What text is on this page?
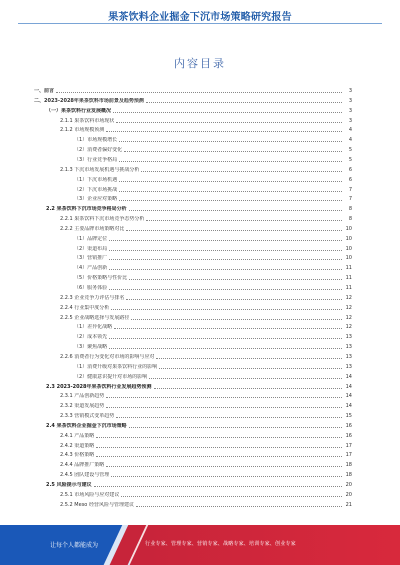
果茶饮料企业掘金下沉市场策略研究报告
内容目录
一、前言	3
二、2023-2028年果茶饮料市场前景及趋势预测	3
（一）果茶饮料行业发展概况	3
2.1.1 果茶饮料市场现状	3
2.1.2 市场规模预测	4
（1）市场规模增长	4
（2）消费者偏好变化	5
（3）行业竞争格局	5
2.1.3 下沉市场发展机遇与挑战分析	6
（1）下沉市场机遇	6
（2）下沉市场挑战	7
（3）企业应对策略	7
2.2 果茶饮料下沉市场竞争格局分析	8
2.2.1 果茶饮料下沉市场竞争态势分析	8
2.2.2 主要品牌市场策略对比	10
（1）品牌定位	10
（2）渠道布局	10
（3）营销推广	10
（4）产品创新	11
（5）价格策略与性价比	11
（6）服务体验	11
2.2.3 企业竞争力评估与排名	12
2.2.4 行业集中度分析	12
2.2.5 企业战略选择与发展路径	12
（1）差异化战略	12
（2）成本领先	13
（3）聚焦战略	13
2.2.6 消费者行为变化对市场的影响与应对	13
（1）消费升级对果茶饮料行业的影响	13
（2）健康意识提升对市场的影响	14
2.3 2023-2028年果茶饮料行业发展趋势预测	14
2.3.1 产品创新趋势	14
2.3.2 渠道发展趋势	14
2.3.3 营销模式变革趋势	15
2.4 果茶饮料企业掘金下沉市场策略	16
2.4.1 产品策略	16
2.4.2 渠道策略	17
2.4.3 价格策略	17
2.4.4 品牌推广策略	18
2.4.5 团队建设与管理	18
2.5 风险提示与建议	20
2.5.1 市场风险与应对建议	20
2.5.2 Meso 经营风险与管理建议	21
让每个人都能成为	行业专家、管理专家、营销专家、战略专家、培训专家、创业专家
